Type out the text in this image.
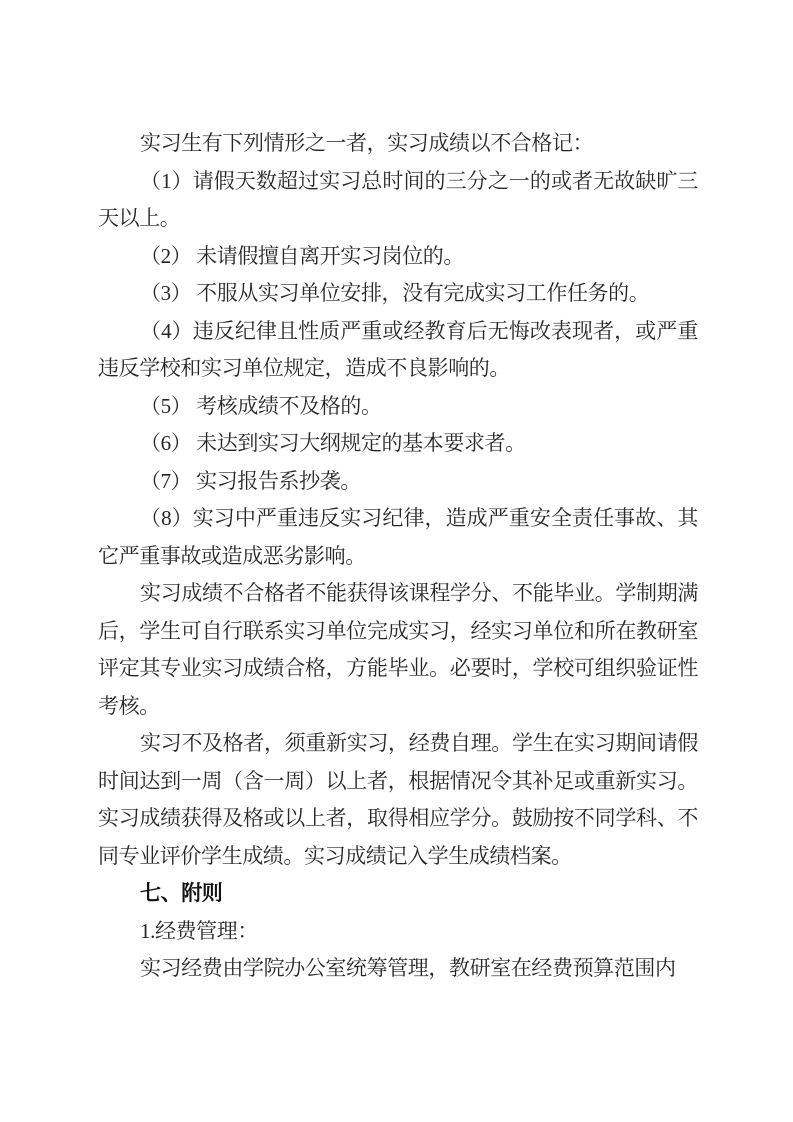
实习生有下列情形之一者，实习成绩以不合格记：

（1）请假天数超过实习总时间的三分之一的或者无故缺旷三天以上。

（2） 未请假擅自离开实习岗位的。

（3） 不服从实习单位安排，没有完成实习工作任务的。

（4）违反纪律且性质严重或经教育后无悔改表现者，或严重违反学校和实习单位规定，造成不良影响的。

（5） 考核成绩不及格的。

（6） 未达到实习大纲规定的基本要求者。

（7） 实习报告系抄袭。

（8）实习中严重违反实习纪律，造成严重安全责任事故、其它严重事故或造成恶劣影响。

实习成绩不合格者不能获得该课程学分、不能毕业。学制期满后，学生可自行联系实习单位完成实习，经实习单位和所在教研室评定其专业实习成绩合格，方能毕业。必要时，学校可组织验证性考核。

实习不及格者，须重新实习，经费自理。学生在实习期间请假时间达到一周（含一周）以上者，根据情况令其补足或重新实习。实习成绩获得及格或以上者，取得相应学分。鼓励按不同学科、不同专业评价学生成绩。实习成绩记入学生成绩档案。

七、附则

1.经费管理：

实习经费由学院办公室统筹管理，教研室在经费预算范围内
